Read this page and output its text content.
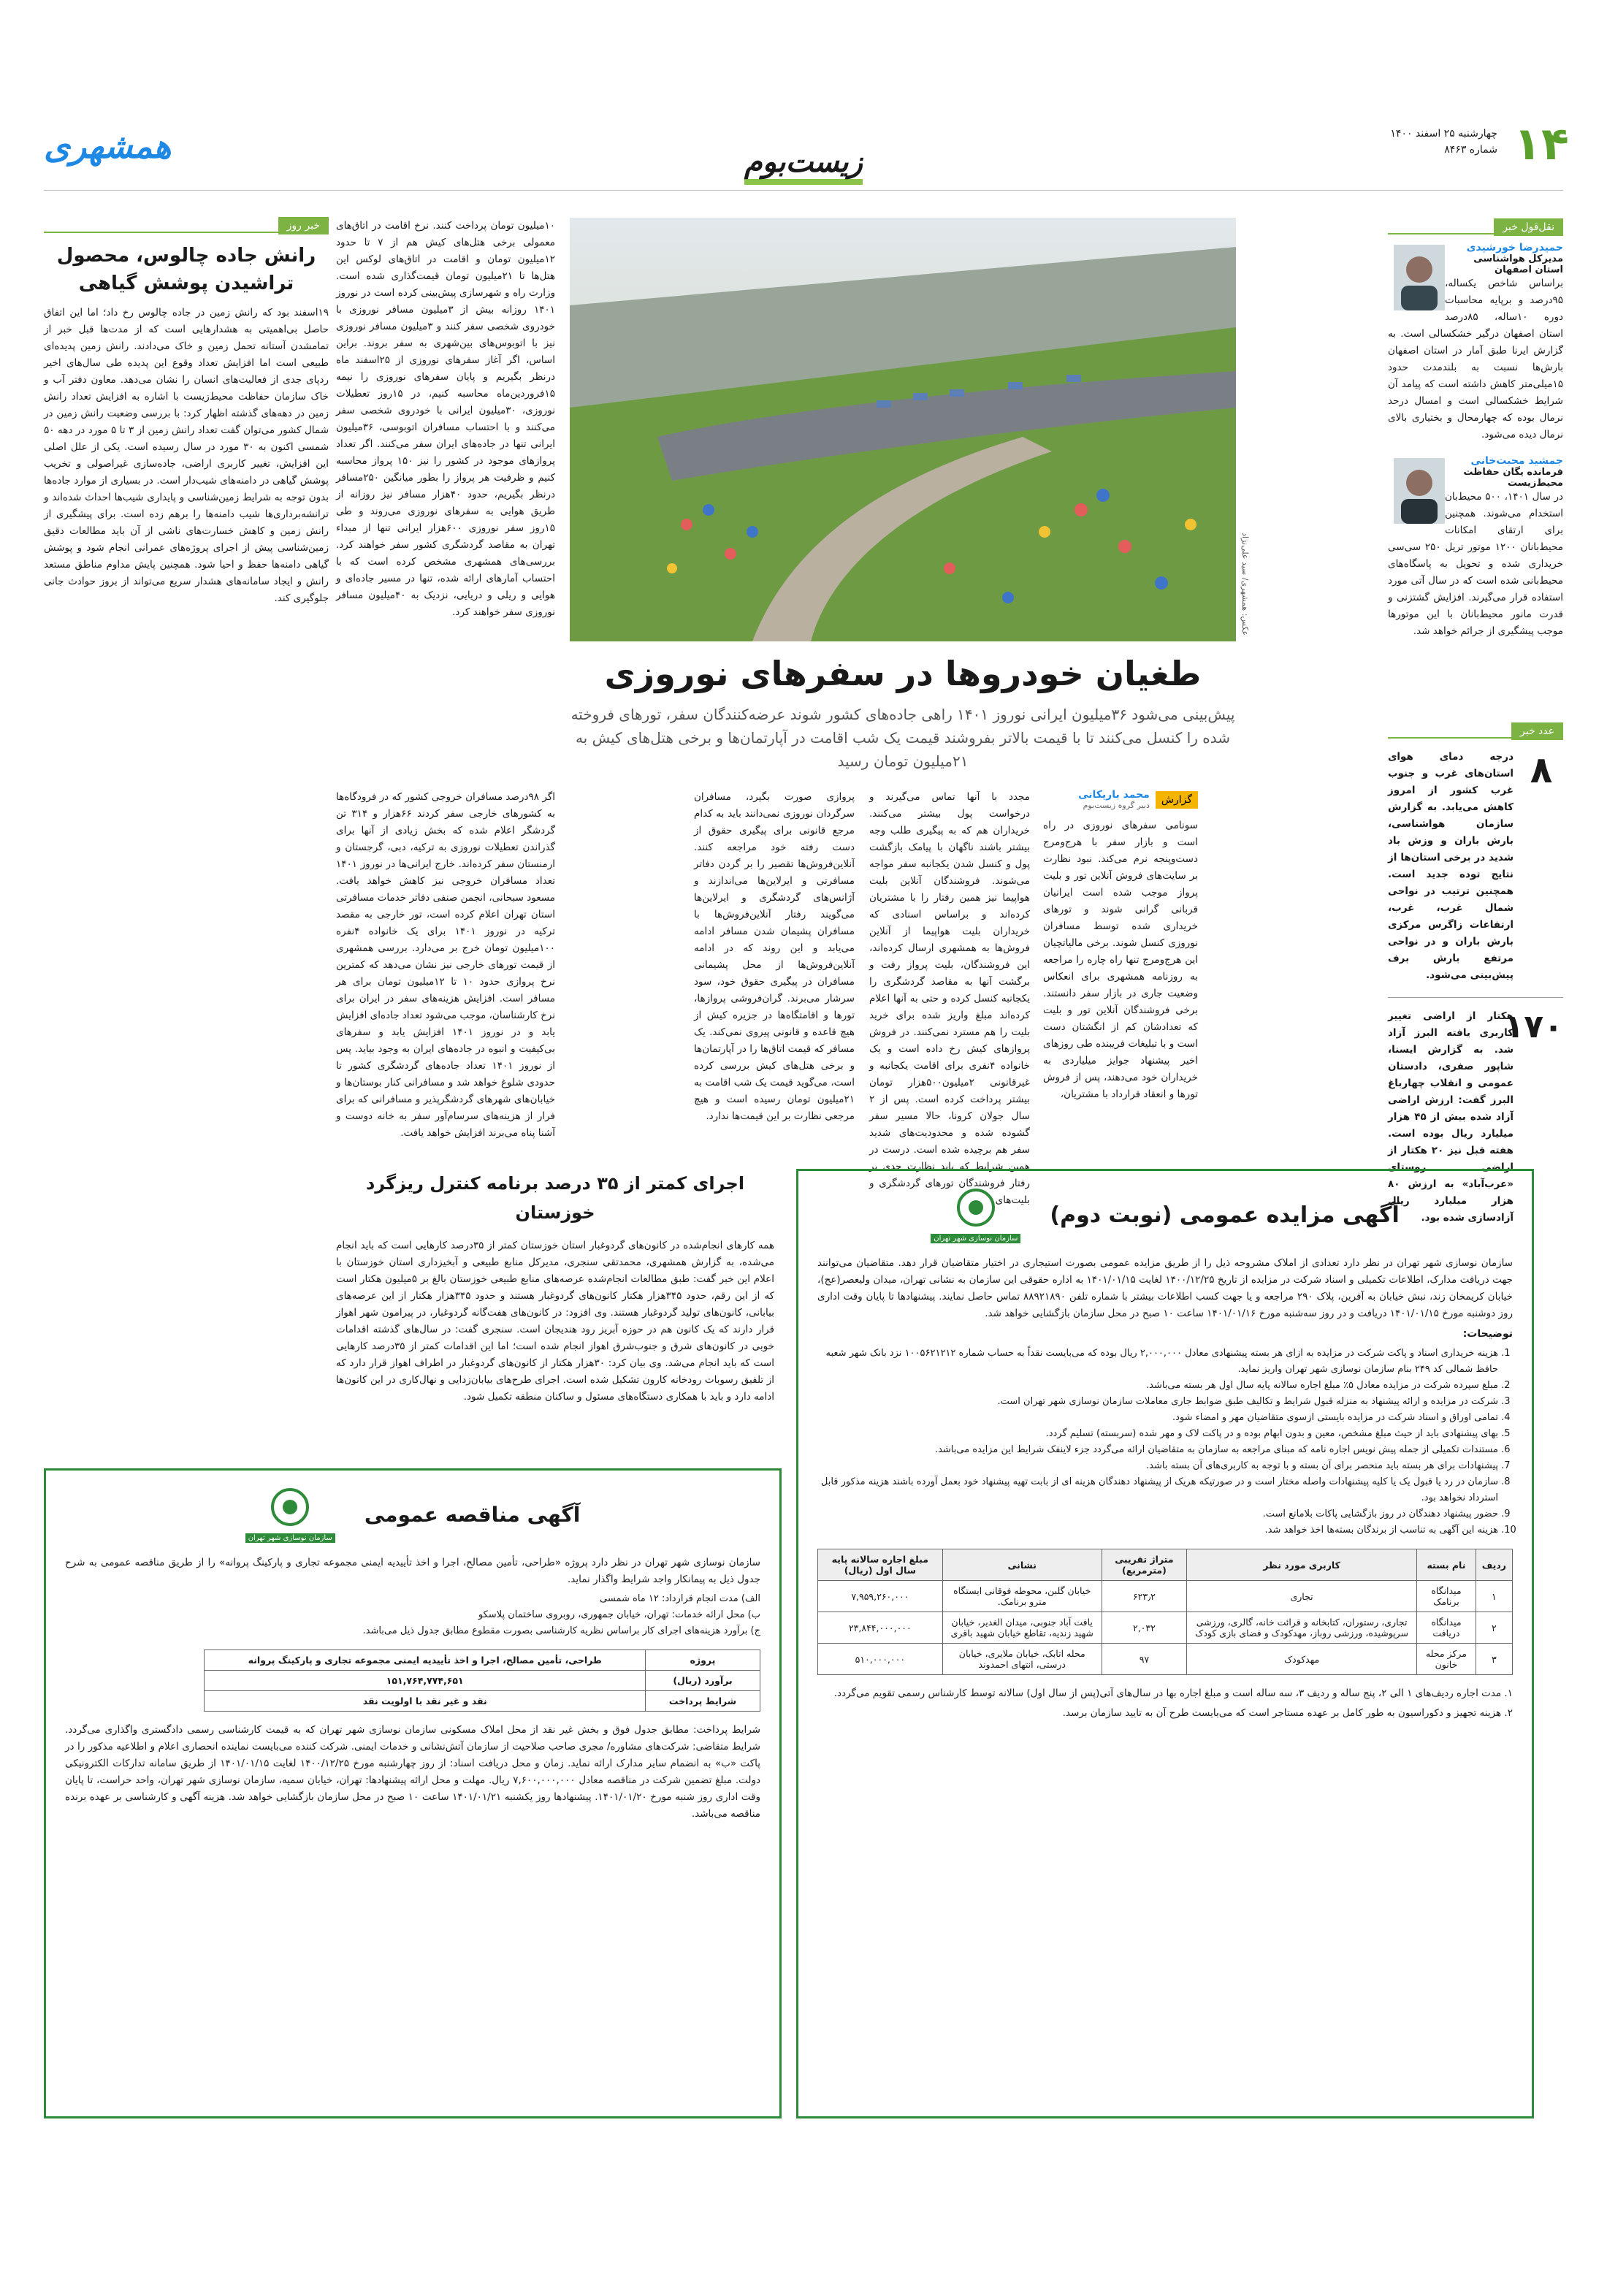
۱۴
چهارشنبه ۲۵ اسفند ۱۴۰۰
شماره ۸۴۶۳
زیست‌بوم
همشهری
نقل‌قول خبر
حمیدرضا خورشیدی
مدیرکل هواشناسی استان اصفهان

براساس شاخص یکساله، ۹۵درصد و برپایه محاسبات دوره ۱۰ساله، ۸۵درصد استان اصفهان درگیر خشکسالی است. به گزارش ایرنا طبق آمار در استان اصفهان بارش‌ها نسبت به بلندمدت حدود ۱۵میلی‌متر کاهش داشته است که پیامد آن شرایط خشکسالی است و امسال درحد نرمال بوده که چهارمحال و بختیاری بالای نرمال دیده می‌شود.

جمشید محبت‌خانی
فرمانده یگان حفاظت محیط‌زیست

در سال ۱۴۰۱، ۵۰۰ محیط‌بان استخدام می‌شوند. همچنین برای ارتقای امکانات محیط‌بانان ۱۲۰۰ موتور تریل ۲۵۰ سی‌سی خریداری شده و تحویل به پاسگاه‌های محیط‌بانی شده است که در سال آتی مورد استفاده قرار می‌گیرند. افزایش گشتزنی و قدرت مانور محیط‌بانان با این موتورها موجب پیشگیری از جرائم خواهد شد.

عدد خبر
۸

درجه دمای هوای استان‌های غرب و جنوب غرب کشور از امروز کاهش می‌یابد. به گزارش سازمان هواشناسی، بارش باران و وزش باد شدید در برخی استان‌ها از نتایج توده جدید است. همچنین ترتیب در نواحی شمال غرب، غرب، ارتفاعات زاگرس مرکزی بارش باران و در نواحی مرتفع بارش برف پیش‌بینی می‌شود.

۱۷۰

هکتار از اراضی تغییر کاربری یافته البرز آزاد شد. به گزارش ایسنا، شاپور صفری، دادستان عمومی و انقلاب چهارباغ البرز گفت: ارزش اراضی آزاد شده بیش از ۴۵ هزار میلیارد ریال بوده است. هفته قبل نیز ۲۰ هکتار از اراضی روستای «عرب‌آباد» به ارزش ۸۰ هزار میلیارد ریال آزادسازی شده بود.

عکس: همشهری/ سید علی‌نژاد
طغیان خودروها در سفرهای نوروزی
پیش‌بینی می‌شود ۳۶میلیون ایرانی نوروز ۱۴۰۱ راهی جاده‌های کشور شوند عرضه‌کنندگان سفر، تورهای فروخته شده را کنسل می‌کنند تا با قیمت بالاتر بفروشند قیمت یک شب اقامت در آپارتمان‌ها و برخی هتل‌های کیش به ۲۱میلیون تومان رسید
گزارش
محمد باریکانی
دبیر گروه زیست‌بوم

سونامی سفرهای نوروزی در راه است و بازار سفر با هرج‌ومرج دست‌وپنجه نرم می‌کند. نبود نظارت بر سایت‌های فروش آنلاین تور و بلیت پرواز موجب شده است ایرانیان قربانی گرانی شوند و تورهای خریداری شده توسط مسافران نوروزی کنسل شوند. برخی مالیاتچیان این هرج‌ومرج تنها راه چاره را مراجعه به روزنامه همشهری برای انعکاس وضعیت جاری در بازار سفر دانستند. برخی فروشندگان آنلاین تور و بلیت که تعدادشان کم از انگشتان دست است و با تبلیغات فریبنده طی روزهای اخیر پیشنهاد جوایز میلیاردی به خریداران خود می‌دهند، پس از فروش تورها و انعقاد قرارداد با مشتریان،

مجدد با آنها تماس می‌گیرند و درخواست پول بیشتر می‌کنند. خریداران هم که به پیگیری طلب وجه بیشتر باشند ناگهان با پیامک بازگشت پول و کنسل شدن یکجانبه سفر مواجه می‌شوند. فروشندگان آنلاین بلیت هواپیما نیز همین رفتار را با مشتریان کرده‌اند و براساس اسنادی که خریداران بلیت هواپیما از آنلاین فروش‌ها به همشهری ارسال کرده‌اند، این فروشندگان، بلیت پرواز رفت و برگشت آنها به مقاصد گردشگری را یکجانبه کنسل کرده و حتی به آنها اعلام کرده‌اند مبلغ واریز شده برای خرید بلیت را هم مسترد نمی‌کنند. در فروش پروازهای کیش رخ داده است و یک خانواده ۴نفری برای اقامت یکجانبه و غیرقانونی ۲میلیون۵۰۰هزار تومان بیشتر پرداخت کرده است. پس از ۲ سال جولان کرونا، حالا مسیر سفر گشوده شده و محدودیت‌های شدید سفر هم برچیده شده است. درست در همین شرایط که باید نظارت جدی بر رفتار فروشندگان تورهای گردشگری و بلیت‌های

پروازی صورت بگیرد، مسافران سرگردان نوروزی نمی‌دانند باید به کدام مرجع قانونی برای پیگیری حقوق از دست رفته خود مراجعه کنند. آنلاین‌فروش‌ها تقصیر را بر گردن دفاتر مسافرتی و ایرلاین‌ها می‌اندازند و آژانس‌های گردشگری و ایرلاین‌ها می‌گویند رفتار آنلاین‌فروش‌ها با مسافران پشیمان شدن مسافر ادامه می‌یابد و این روند که در ادامه آنلاین‌فروش‌ها از محل پشیمانی مسافران در پیگیری حقوق خود، سود سرشار می‌برند. گران‌فروشی پروازها، تورها و اقامتگاه‌ها در جزیره کیش از هیچ قاعده و قانونی پیروی نمی‌کند. یک مسافر که قیمت اتاق‌ها را در آپارتمان‌ها و برخی هتل‌های کیش بررسی کرده است، می‌گوید قیمت یک شب اقامت به ۲۱میلیون تومان رسیده است و هیچ مرجعی نظارت بر این قیمت‌ها ندارد.

۱۰میلیون تومان پرداخت کنند. نرخ اقامت در اتاق‌های معمولی برخی هتل‌های کیش هم از ۷ تا حدود ۱۲میلیون تومان و اقامت در اتاق‌های لوکس این هتل‌ها تا ۲۱میلیون تومان قیمت‌گذاری شده است. وزارت راه و شهرسازی پیش‌بینی کرده است در نوروز ۱۴۰۱ روزانه بیش از ۳میلیون مسافر نوروزی با خودروی شخصی سفر کنند و ۳میلیون مسافر نوروزی نیز با اتوبوس‌های بین‌شهری به سفر بروند. براین اساس، اگر آغاز سفرهای نوروزی از ۲۵اسفند ماه درنظر بگیریم و پایان سفرهای نوروزی را نیمه ۱۵فروردین‌ماه محاسبه کنیم، در ۱۵روز تعطیلات نوروزی، ۳۰میلیون ایرانی با خودروی شخصی سفر می‌کنند و با احتساب مسافران اتوبوسی، ۳۶میلیون ایرانی تنها در جاده‌های ایران سفر می‌کنند. اگر تعداد پروازهای موجود در کشور را نیز ۱۵۰ پرواز محاسبه کنیم و ظرفیت هر پرواز را بطور میانگین ۲۵۰مسافر درنظر بگیریم، حدود ۴۰هزار مسافر نیز روزانه از طریق هوایی به سفرهای نوروزی می‌روند و طی ۱۵روز سفر نوروزی ۶۰۰هزار ایرانی تنها از مبداء تهران به مقاصد گردشگری کشور سفر خواهند کرد. بررسی‌های همشهری مشخص کرده است که با احتساب آمارهای ارائه شده، تنها در مسیر جاده‌ای و هوایی و ریلی و دریایی، نزدیک به ۴۰میلیون مسافر نوروزی سفر خواهند کرد.

اگر ۹۸درصد مسافران خروجی کشور که در فرودگاه‌ها به کشورهای خارجی سفر کردند ۶۶هزار و ۳۱۴ تن گردشگر اعلام شده که بخش زیادی از آنها برای گذراندن تعطیلات نوروزی به ترکیه، دبی، گرجستان و ارمنستان سفر کرده‌اند. خارج ایرانی‌ها در نوروز ۱۴۰۱ تعداد مسافران خروجی نیز کاهش خواهد یافت. مسعود سبحانی، انجمن صنفی دفاتر خدمات مسافرتی استان تهران اعلام کرده است، تور خارجی به مقصد ترکیه در نوروز ۱۴۰۱ برای یک خانواده ۴نفره ۱۰۰میلیون تومان خرج بر می‌دارد. بررسی همشهری از قیمت تورهای خارجی نیز نشان می‌دهد که کمترین نرخ پروازی حدود ۱۰ تا ۱۲میلیون تومان برای هر مسافر است. افزایش هزینه‌های سفر در ایران برای نرخ کارشناسان، موجب می‌شود تعداد جاده‌ای افزایش یابد و در نوروز ۱۴۰۱ افزایش یابد و سفرهای بی‌کیفیت و انبوه در جاده‌های ایران به وجود بیاید. پس از نوروز ۱۴۰۱ تعداد جاده‌های گردشگری کشور تا حدودی شلوغ خواهد شد و مسافرانی کنار بوستان‌ها و خیابان‌های شهرهای گردشگرپذیر و مسافرانی که برای فرار از هزینه‌های سرسام‌آور سفر به خانه دوست و آشنا پناه می‌برند افزایش خواهد یافت.

خبر روز
رانش جاده چالوس، محصول تراشیدن پوشش گیاهی

۱۹اسفند بود که رانش زمین در جاده چالوس رخ داد؛ اما این اتفاق حاصل بی‌اهمیتی به هشدارهایی است که از مدت‌ها قبل خبر از تمامشدن آستانه تحمل زمین و خاک می‌دادند. رانش زمین پدیده‌ای طبیعی است اما افزایش تعداد وقوع این پدیده طی سال‌های اخیر ردپای جدی از فعالیت‌های انسان را نشان می‌دهد. معاون دفتر آب و خاک سازمان حفاظت محیط‌زیست با اشاره به افزایش تعداد رانش زمین در دهه‌های گذشته اظهار کرد: با بررسی وضعیت رانش زمین در شمال کشور می‌توان گفت تعداد رانش زمین از ۳ تا ۵ مورد در دهه ۵۰ شمسی اکنون به ۳۰ مورد در سال رسیده است. یکی از علل اصلی این افزایش، تغییر کاربری اراضی، جاده‌سازی غیراصولی و تخریب پوشش گیاهی در دامنه‌های شیب‌دار است. در بسیاری از موارد جاده‌ها بدون توجه به شرایط زمین‌شناسی و پایداری شیب‌ها احداث شده‌اند و ترانشه‌برداری‌ها شیب دامنه‌ها را برهم زده است. برای پیشگیری از رانش زمین و کاهش خسارت‌های ناشی از آن باید مطالعات دقیق زمین‌شناسی پیش از اجرای پروژه‌های عمرانی انجام شود و پوشش گیاهی دامنه‌ها حفظ و احیا شود. همچنین پایش مداوم مناطق مستعد رانش و ایجاد سامانه‌های هشدار سریع می‌تواند از بروز حوادث جانی جلوگیری کند.

اجرای کمتر از ۳۵ درصد برنامه کنترل ریزگرد خوزستان

همه کارهای انجام‌شده در کانون‌های گردوغبار استان خوزستان کمتر از ۳۵درصد کارهایی است که باید انجام می‌شده، به گزارش همشهری، محمدتقی سنجری، مدیرکل منابع طبیعی و آبخیزداری استان خوزستان با اعلام این خبر گفت: طبق مطالعات انجام‌شده عرصه‌های منابع طبیعی خوزستان بالغ بر ۵میلیون هکتار است که از این رقم، حدود ۳۴۵هزار هکتار کانون‌های گردوغبار هستند و حدود ۳۴۵هزار هکتار از این عرصه‌های بیابانی، کانون‌های تولید گردوغبار هستند. وی افزود: در کانون‌های هفت‌گانه گردوغبار، در پیرامون شهر اهواز قرار دارند که یک کانون هم در حوزه آبریز رود هندیجان است. سنجری گفت: در سال‌های گذشته اقدامات خوبی در کانون‌های شرق و جنوب‌شرق اهواز انجام شده است؛ اما این اقدامات کمتر از ۳۵درصد کارهایی است که باید انجام می‌شد. وی بیان کرد: ۳۰هزار هکتار از کانون‌های گردوغبار در اطراف اهواز قرار دارد که از تلفیق رسوبات رودخانه کارون تشکیل شده است. اجرای طرح‌های بیابان‌زدایی و نهال‌کاری در این کانون‌ها ادامه دارد و باید با همکاری دستگاه‌های مسئول و ساکنان منطقه تکمیل شود.

آگهی مزایده عمومی (نوبت دوم)
سازمان نوسازی شهر تهران

سازمان نوسازی شهر تهران در نظر دارد تعدادی از املاک مشروحه ذیل را از طریق مزایده عمومی بصورت استیجاری در اختیار متقاضیان قرار دهد. متقاضیان می‌توانند جهت دریافت مدارک، اطلاعات تکمیلی و اسناد شرکت در مزایده از تاریخ ۱۴۰۰/۱۲/۲۵ لغایت ۱۴۰۱/۰۱/۱۵ به اداره حقوقی این سازمان به نشانی تهران، میدان ولیعصر(عج)، خیابان کریمخان زند، نبش خیابان به آفرین، پلاک ۲۹۰ مراجعه و یا جهت کسب اطلاعات بیشتر با شماره تلفن ۸۸۹۲۱۸۹۰ تماس حاصل نمایند. پیشنهادها تا پایان وقت اداری روز دوشنبه مورخ ۱۴۰۱/۰۱/۱۵ دریافت و در روز سه‌شنبه مورخ ۱۴۰۱/۰۱/۱۶ ساعت ۱۰ صبح در محل سازمان بازگشایی خواهد شد.

توضیحات:
1. هزینه خریداری اسناد و پاکت شرکت در مزایده به ازای هر بسته پیشنهادی معادل ۲,۰۰۰,۰۰۰ ریال بوده که می‌بایست نقداً به حساب شماره ۱۰۰۵۶۲۱۲۱۲ نزد بانک شهر شعبه حافظ شمالی کد ۲۴۹ بنام سازمان نوسازی شهر تهران واریز نماید.
2. مبلغ سپرده شرکت در مزایده معادل ۵٪ مبلغ اجاره سالانه پایه سال اول هر بسته می‌باشد.
3. شرکت در مزایده و ارائه پیشنهاد به منزله قبول شرایط و تکالیف طبق ضوابط جاری معاملات سازمان نوسازی شهر تهران است.
4. تمامی اوراق و اسناد شرکت در مزایده بایستی ازسوی متقاضیان مهر و امضاء شود.
5. بهای پیشنهادی باید از حیث مبلغ مشخص، معین و بدون ابهام بوده و در پاکت لاک و مهر شده (سربسته) تسلیم گردد.
6. مستندات تکمیلی از جمله پیش نویس اجاره نامه که مبنای مراجعه به سازمان به متقاضیان ارائه می‌گردد جزء لاینفک شرایط این مزایده می‌باشد.
7. پیشنهادات برای هر بسته باید منحصر برای آن بسته و با توجه به کاربری‌های آن بسته باشد.
8. سازمان در رد یا قبول یک یا کلیه پیشنهادات واصله مختار است و در صورتیکه هریک از پیشنهاد دهندگان هزینه ای از بابت تهیه پیشنهاد خود بعمل آورده باشند هزینه مذکور قابل استرداد نخواهد بود.
9. حضور پیشنهاد دهندگان در روز بازگشایی پاکات بلامانع است.
10. هزینه این آگهی به تناسب از برندگان بسته‌ها اخذ خواهد شد.
ردیف	نام بسته	کاربری مورد نظر	متراژ تقریبی (مترمربع)	نشانی	مبلغ اجاره سالانه پایه سال اول (ریال)
۱	میدانگاه برنامک	تجاری	۶۲۳٫۲	خیابان گلبن، محوطه فوقانی ایستگاه مترو برنامک.	۷,۹۵۹,۲۶۰,۰۰۰
۲	میدانگاه دریافت	تجاری، رستوران، کتابخانه و قرائت خانه، گالری، ورزشی سرپوشیده، ورزشی روباز، مهدکودک و فضای بازی کودک	۲,۰۳۲	یافت آباد جنوبی، میدان الغدیر، خیابان شهید زندیه، تقاطع خیابان شهید باقری	۲۳,۸۴۴,۰۰۰,۰۰۰
۳	مرکز محله خانون	مهدکودک	۹۷	محله اتابک، خیابان ملایری، خیابان درستی، انتهای احمدوند	۵۱۰,۰۰۰,۰۰۰

۱. مدت اجاره ردیف‌های ۱ الی ۲، پنج ساله و ردیف ۳، سه ساله است و مبلغ اجاره بها در سال‌های آتی(پس از سال اول) سالانه توسط کارشناس رسمی تقویم می‌گردد.

۲. هزینه تجهیز و دکوراسیون به طور کامل بر عهده مستاجر است که می‌بایست طرح آن به تایید سازمان برسد.

آگهی مناقصه عمومی
سازمان نوسازی شهر تهران

سازمان نوسازی شهر تهران در نظر دارد پروژه «طراحی، تأمین مصالح، اجرا و اخذ تأییدیه ایمنی مجموعه تجاری و پارکینگ پروانه» را از طریق مناقصه عمومی به شرح جدول ذیل به پیمانکار واجد شرایط واگذار نماید.

الف) مدت انجام قرارداد: ۱۲ ماه شمسی
ب) محل ارائه خدمات: تهران، خیابان جمهوری، روبروی ساختمان پلاسکو
ج) برآورد هزینه‌های اجرای کار براساس نظریه کارشناسی بصورت مقطوع مطابق جدول ذیل می‌باشد.
پروژه	طراحی، تأمین مصالح، اجرا و اخذ تأییدیه ایمنی مجموعه تجاری و پارکینگ پروانه
برآورد (ریال)	۱۵۱,۷۶۴,۷۷۴,۶۵۱
شرایط پرداخت	نقد و غیر نقد با اولویت نقد

شرایط پرداخت: مطابق جدول فوق و بخش غیر نقد از محل املاک مسکونی سازمان نوسازی شهر تهران که به قیمت کارشناسی رسمی دادگستری واگذاری می‌گردد. شرایط متقاضی: شرکت‌های مشاوره/ مجری صاحب صلاحیت از سازمان آتش‌نشانی و خدمات ایمنی. شرکت کننده می‌بایست نماینده انحصاری اعلام و اطلاعیه مذکور را در پاکت «ب» به انضمام سایر مدارک ارائه نماید. زمان و محل دریافت اسناد: از روز چهارشنبه مورخ ۱۴۰۰/۱۲/۲۵ لغایت ۱۴۰۱/۰۱/۱۵ از طریق سامانه تدارکات الکترونیکی دولت. مبلغ تضمین شرکت در مناقصه معادل ۷,۶۰۰,۰۰۰,۰۰۰ ریال. مهلت و محل ارائه پیشنهادها: تهران، خیابان سمیه، سازمان نوسازی شهر تهران، واحد حراست، تا پایان وقت اداری روز شنبه مورخ ۱۴۰۱/۰۱/۲۰. پیشنهادها روز یکشنبه ۱۴۰۱/۰۱/۲۱ ساعت ۱۰ صبح در محل سازمان بازگشایی خواهد شد. هزینه آگهی و کارشناسی بر عهده برنده مناقصه می‌باشد.
